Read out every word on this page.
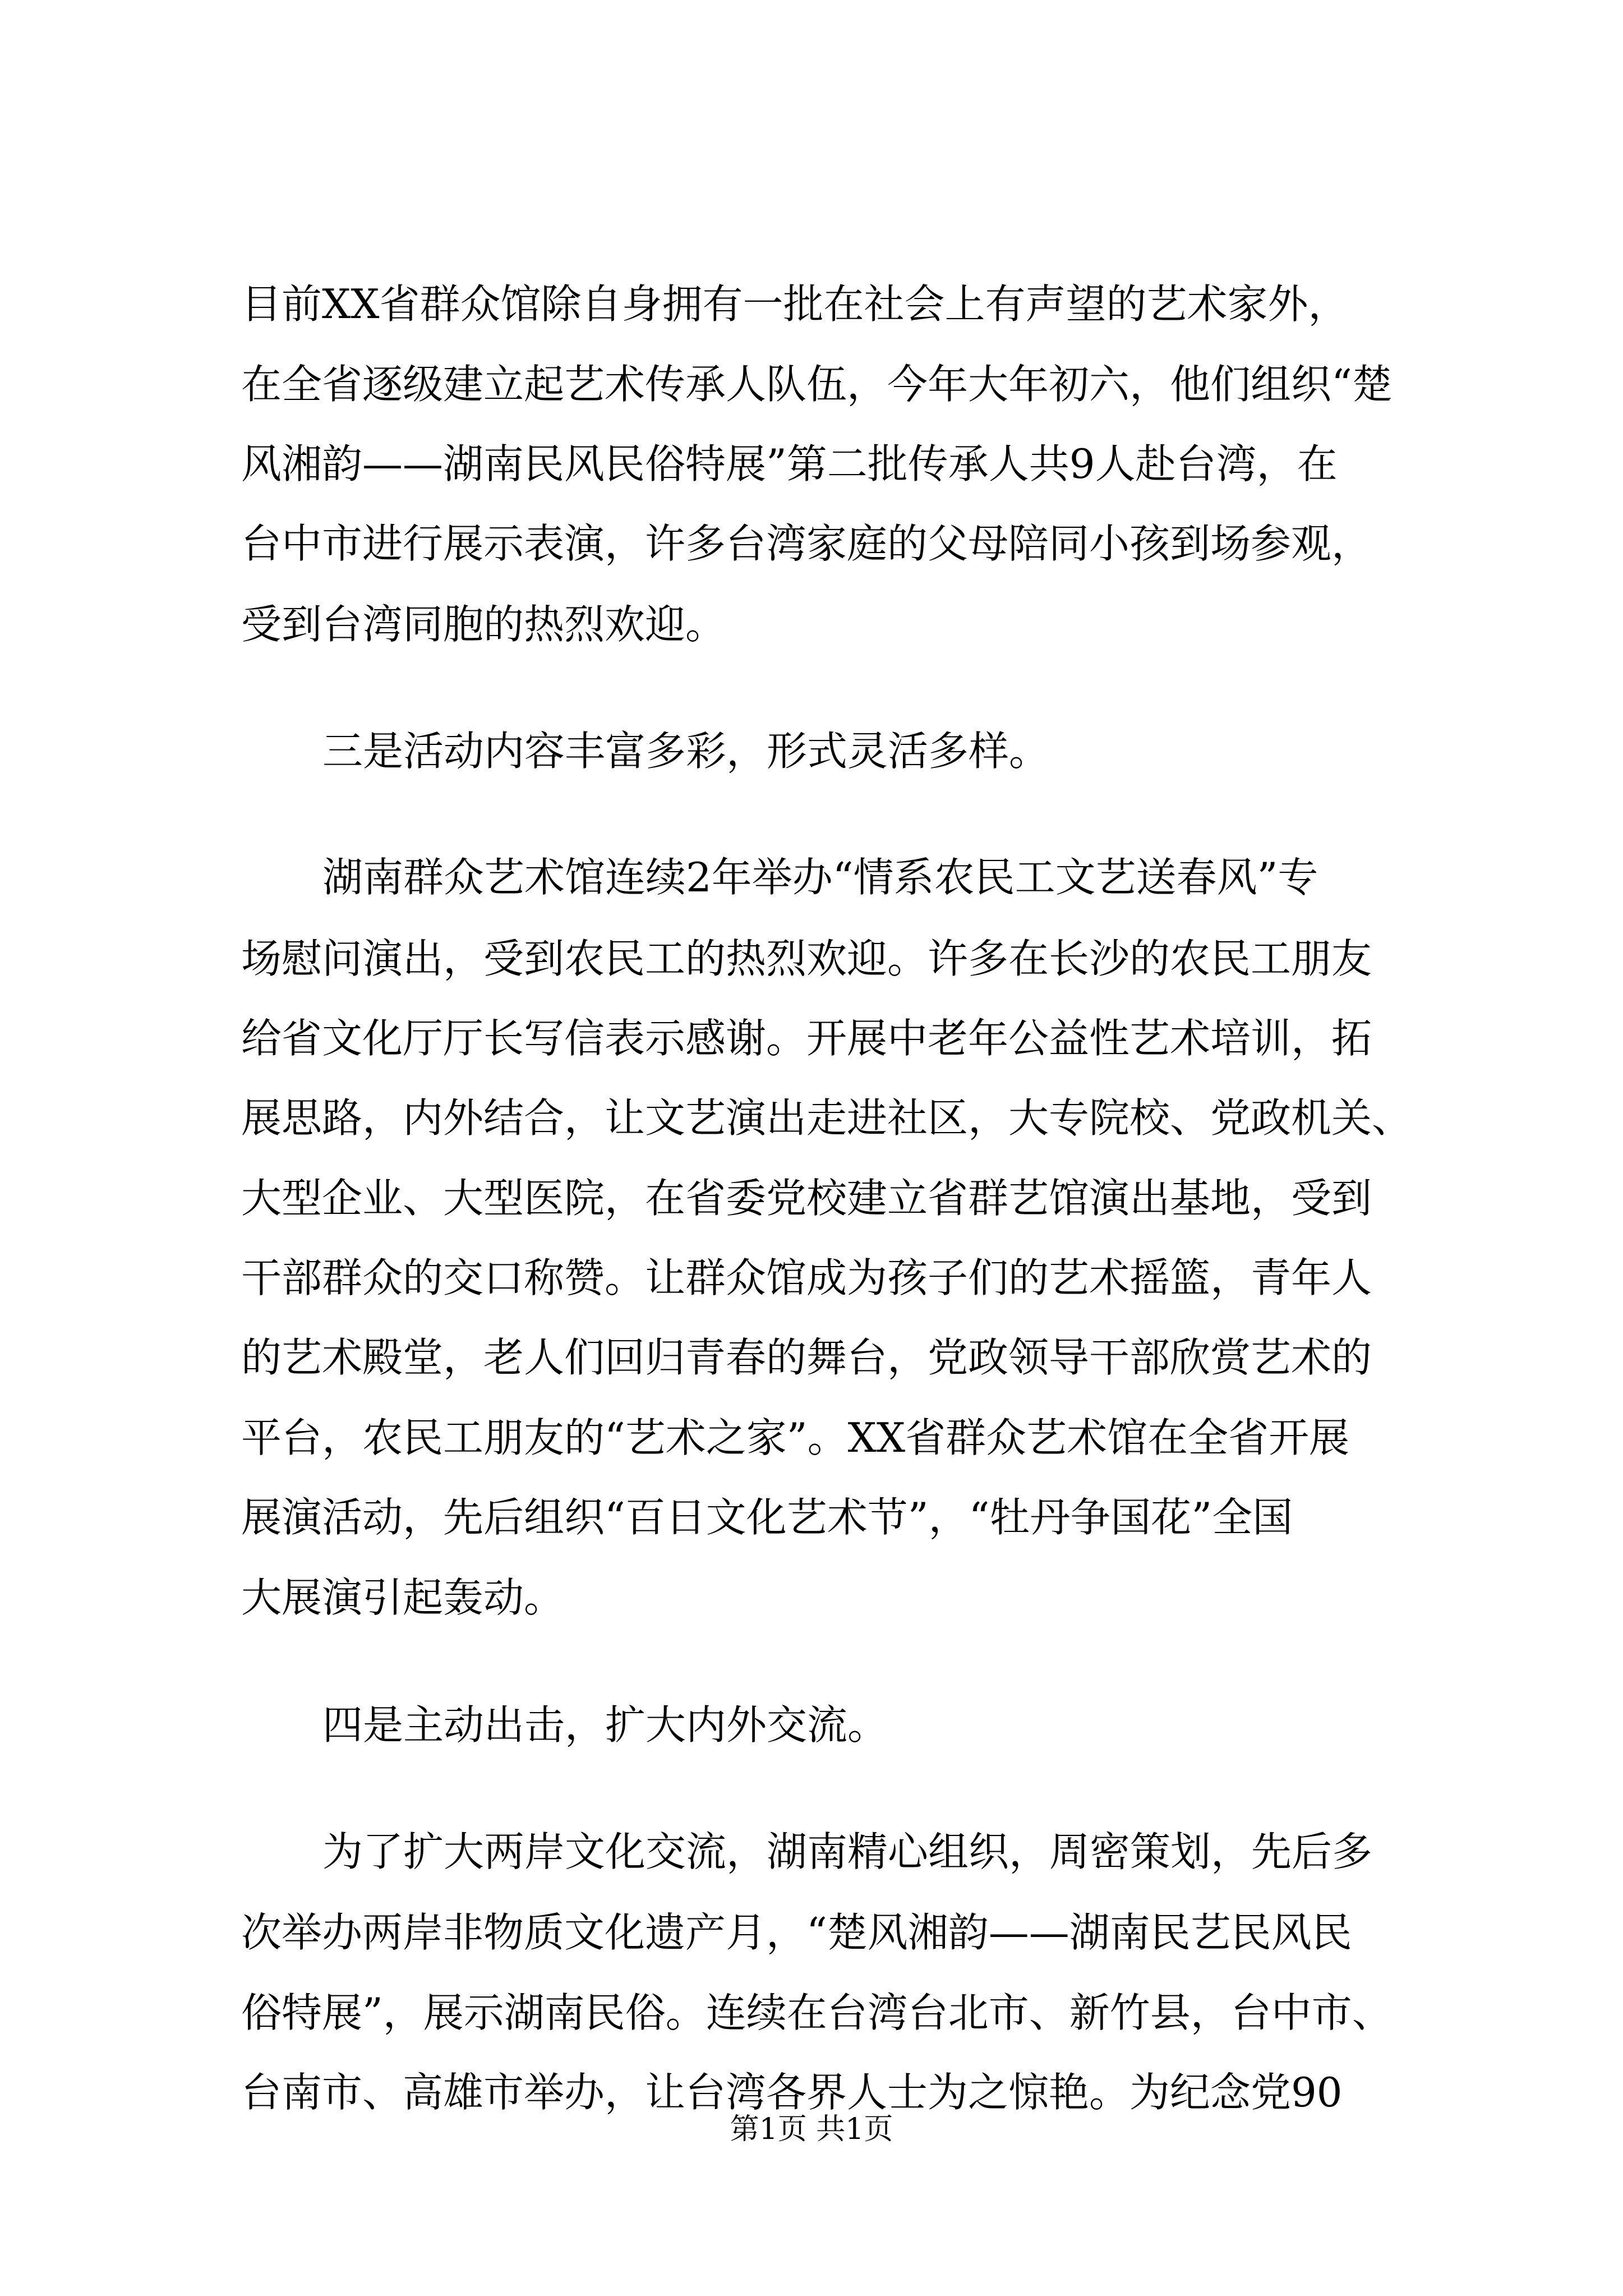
目前XX省群众馆除自身拥有一批在社会上有声望的艺术家外，
在全省逐级建立起艺术传承人队伍，今年大年初六，他们组织“楚
风湘韵——湖南民风民俗特展”第二批传承人共9人赴台湾，在
台中市进行展示表演，许多台湾家庭的父母陪同小孩到场参观，
受到台湾同胞的热烈欢迎。
三是活动内容丰富多彩，形式灵活多样。
湖南群众艺术馆连续2年举办“情系农民工文艺送春风”专
场慰问演出，受到农民工的热烈欢迎。许多在长沙的农民工朋友
给省文化厅厅长写信表示感谢。开展中老年公益性艺术培训，拓
展思路，内外结合，让文艺演出走进社区，大专院校、党政机关、
大型企业、大型医院，在省委党校建立省群艺馆演出基地，受到
干部群众的交口称赞。让群众馆成为孩子们的艺术摇篮，青年人
的艺术殿堂，老人们回归青春的舞台，党政领导干部欣赏艺术的
平台，农民工朋友的“艺术之家”。XX省群众艺术馆在全省开展
展演活动，先后组织“百日文化艺术节”，“牡丹争国花”全国
大展演引起轰动。
四是主动出击，扩大内外交流。
为了扩大两岸文化交流，湖南精心组织，周密策划，先后多
次举办两岸非物质文化遗产月，“楚风湘韵——湖南民艺民风民
俗特展”，展示湖南民俗。连续在台湾台北市、新竹县，台中市、
台南市、高雄市举办，让台湾各界人士为之惊艳。为纪念党90
第1页 共1页
